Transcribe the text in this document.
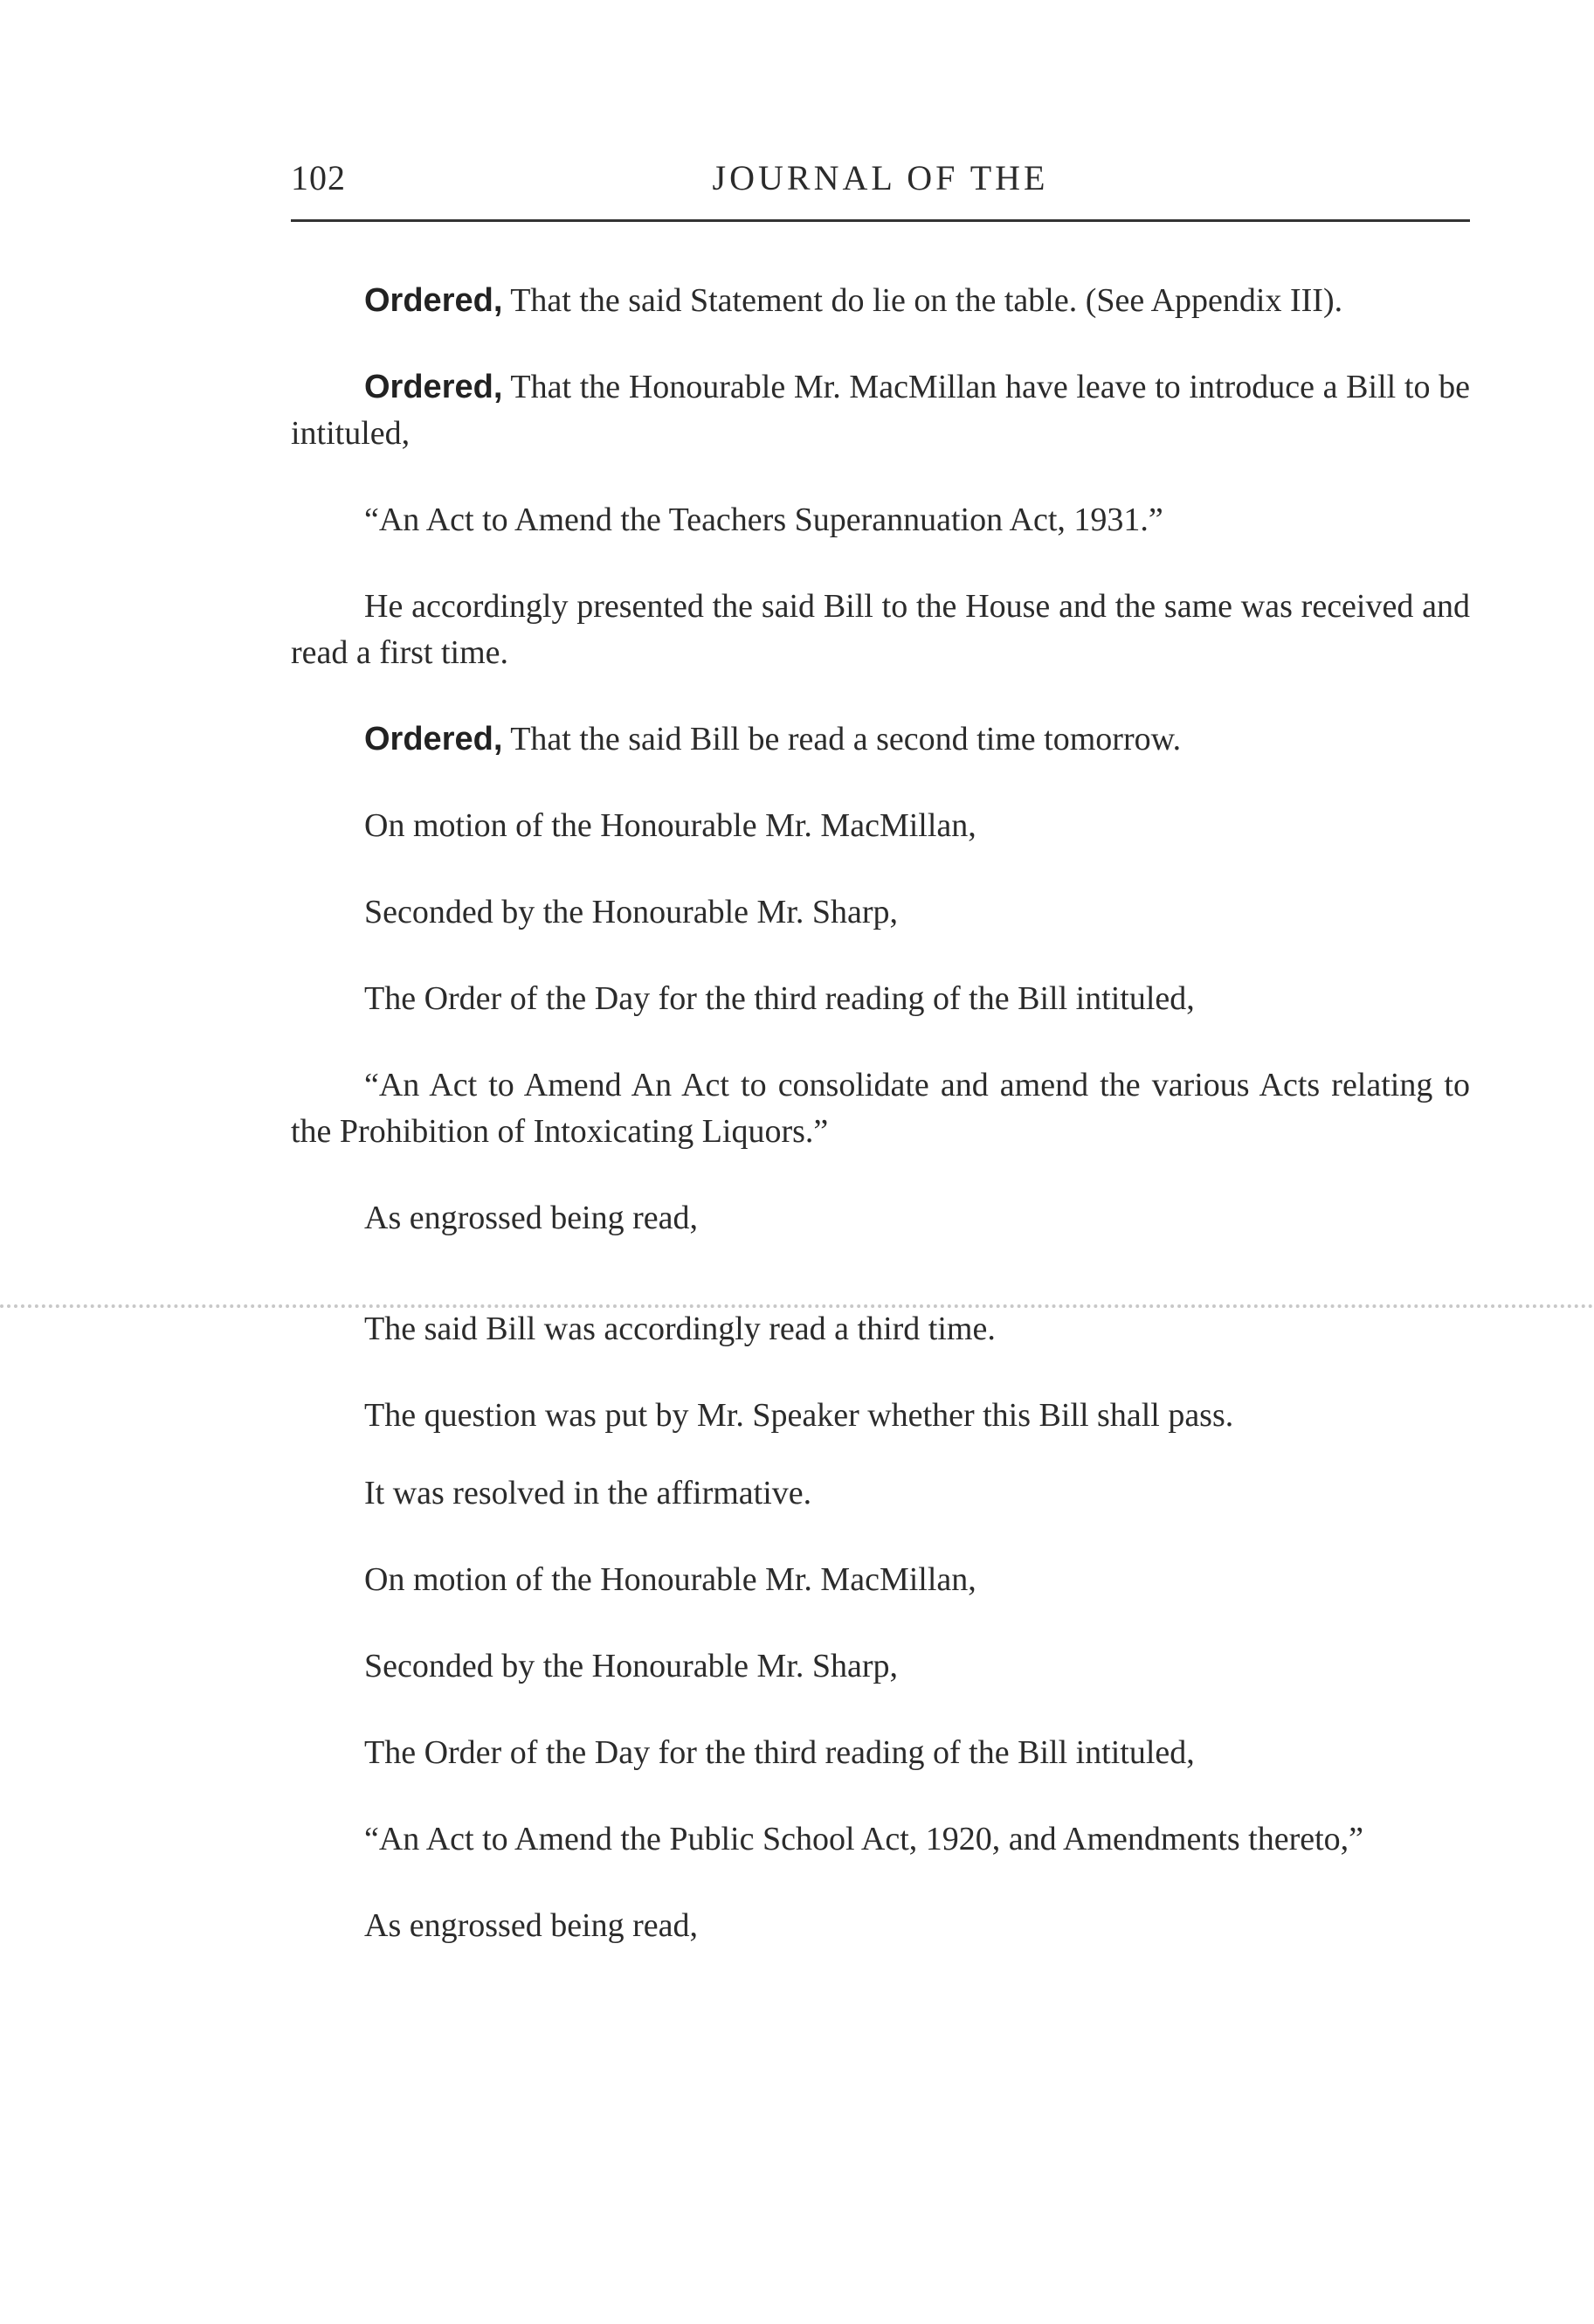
102	JOURNAL OF THE

Ordered, That the said Statement do lie on the table. (See Appendix III).

Ordered, That the Honourable Mr. MacMillan have leave to introduce a Bill to be intituled,

“An Act to Amend the Teachers Superannuation Act, 1931.”

He accordingly presented the said Bill to the House and the same was received and read a first time.

Ordered, That the said Bill be read a second time tomorrow.

On motion of the Honourable Mr. MacMillan,

Seconded by the Honourable Mr. Sharp,

The Order of the Day for the third reading of the Bill intituled,

“An Act to Amend An Act to consolidate and amend the various Acts relating to the Prohibition of Intoxicating Liquors.”

As engrossed being read,

The said Bill was accordingly read a third time.

The question was put by Mr. Speaker whether this Bill shall pass.

It was resolved in the affirmative.

On motion of the Honourable Mr. MacMillan,

Seconded by the Honourable Mr. Sharp,

The Order of the Day for the third reading of the Bill intituled,

“An Act to Amend the Public School Act, 1920, and Amendments thereto,”

As engrossed being read,
